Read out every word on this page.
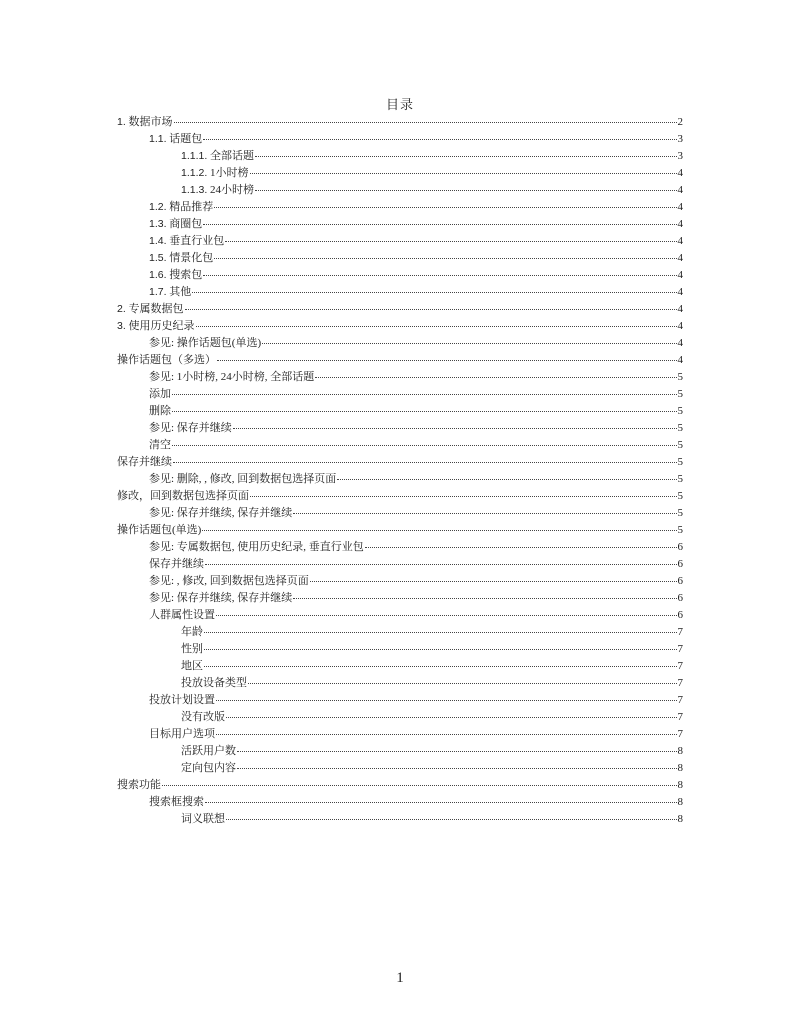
目录
1. 数据市场	2
1.1. 话题包	3
1.1.1. 全部话题	3
1.1.2. 1小时榜	4
1.1.3. 24小时榜	4
1.2. 精品推荐	4
1.3. 商圈包	4
1.4. 垂直行业包	4
1.5. 情景化包	4
1.6. 搜索包	4
1.7. 其他	4
2. 专属数据包	4
3. 使用历史纪录	4
参见: 操作话题包(单选)	4
操作话题包（多选）	4
参见: 1小时榜, 24小时榜, 全部话题	5
添加	5
删除	5
参见: 保存并继续	5
清空	5
保存并继续	5
参见: 删除, , 修改, 回到数据包选择页面	5
修改，回到数据包选择页面	5
参见: 保存并继续, 保存并继续	5
操作话题包(单选)	5
参见: 专属数据包, 使用历史纪录, 垂直行业包	6
保存并继续	6
参见: , 修改, 回到数据包选择页面	6
参见: 保存并继续, 保存并继续	6
人群属性设置	6
年龄	7
性别	7
地区	7
投放设备类型	7
投放计划设置	7
没有改版	7
目标用户选项	7
活跃用户数	8
定向包内容	8
搜索功能	8
搜索框搜索	8
词义联想	8
1
